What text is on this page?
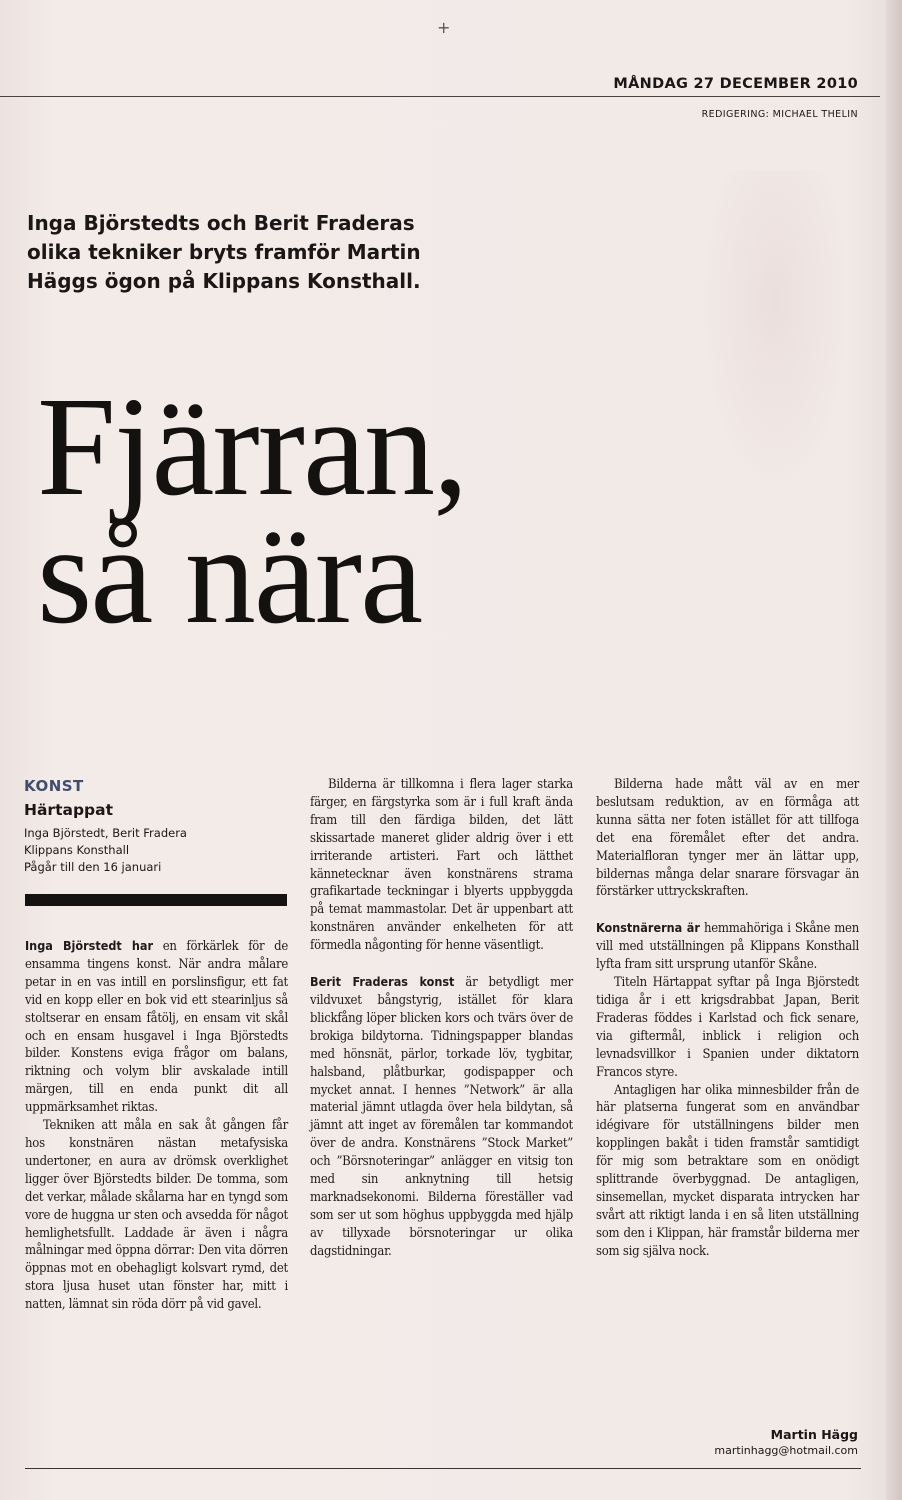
+
MÅNDAG 27 DECEMBER 2010
REDIGERING: MICHAEL THELIN
Inga Björstedts och Berit Fraderas
olika tekniker bryts framför Martin
Häggs ögon på Klippans Konsthall.
Fjärran,
så nära
KONST
Härtappat
Inga Björstedt, Berit Fradera
Klippans Konsthall
Pågår till den 16 januari

Inga Björstedt har en förkärlek för de ensamma tingens konst. När andra målare petar in en vas intill en porslinsfigur, ett fat vid en kopp eller en bok vid ett stearinljus så stoltserar en ensam fåtölj, en ensam vit skål och en ensam husgavel i Inga Björstedts bilder. Konstens eviga frågor om balans, riktning och volym blir avskalade intill märgen, till en enda punkt dit all uppmärksamhet riktas.

Tekniken att måla en sak åt gången får hos konstnären nästan metafysiska undertoner, en aura av drömsk overklighet ligger över Björstedts bilder. De tomma, som det verkar, målade skålarna har en tyngd som vore de huggna ur sten och avsedda för något hemlighetsfullt. Laddade är även i några målningar med öppna dörrar: Den vita dörren öppnas mot en obehagligt kolsvart rymd, det stora ljusa huset utan fönster har, mitt i natten, lämnat sin röda dörr på vid gavel.

Bilderna är tillkomna i flera lager starka färger, en färgstyrka som är i full kraft ända fram till den färdiga bilden, det lätt skissartade maneret glider aldrig över i ett irriterande artisteri. Fart och lätthet kännetecknar även konstnärens strama grafikartade teckningar i blyerts uppbyggda på temat mammastolar. Det är uppenbart att konstnären använder enkelheten för att förmedla någonting för henne väsentligt.

Berit Fraderas konst är betydligt mer vildvuxet bångstyrig, istället för klara blickfång löper blicken kors och tvärs över de brokiga bildytorna. Tidningspapper blandas med hönsnät, pärlor, torkade löv, tygbitar, halsband, plåtburkar, godispapper och mycket annat. I hennes ”Network” är alla material jämnt utlagda över hela bildytan, så jämnt att inget av föremålen tar kommandot över de andra. Konstnärens ”Stock Market” och ”Börsnoteringar” anlägger en vitsig ton med sin anknytning till hetsig marknadsekonomi. Bilderna föreställer vad som ser ut som höghus uppbyggda med hjälp av tillyxade börsnoteringar ur olika dagstidningar.

Bilderna hade mått väl av en mer beslutsam reduktion, av en förmåga att kunna sätta ner foten istället för att tillfoga det ena föremålet efter det andra. Materialfloran tynger mer än lättar upp, bildernas många delar snarare försvagar än förstärker uttryckskraften.

Konstnärerna är hemmahöriga i Skåne men vill med utställningen på Klippans Konsthall lyfta fram sitt ursprung utanför Skåne.

Titeln Härtappat syftar på Inga Björstedt tidiga år i ett krigsdrabbat Japan, Berit Fraderas föddes i Karlstad och fick senare, via giftermål, inblick i religion och levnadsvillkor i Spanien under diktatorn Francos styre.

Antagligen har olika minnesbilder från de här platserna fungerat som en användbar idégivare för utställningens bilder men kopplingen bakåt i tiden framstår samtidigt för mig som betraktare som en onödigt splittrande överbyggnad. De antagligen, sinsemellan, mycket disparata intrycken har svårt att riktigt landa i en så liten utställning som den i Klippan, här framstår bilderna mer som sig själva nock.

Martin Hägg
martinhagg@hotmail.com
